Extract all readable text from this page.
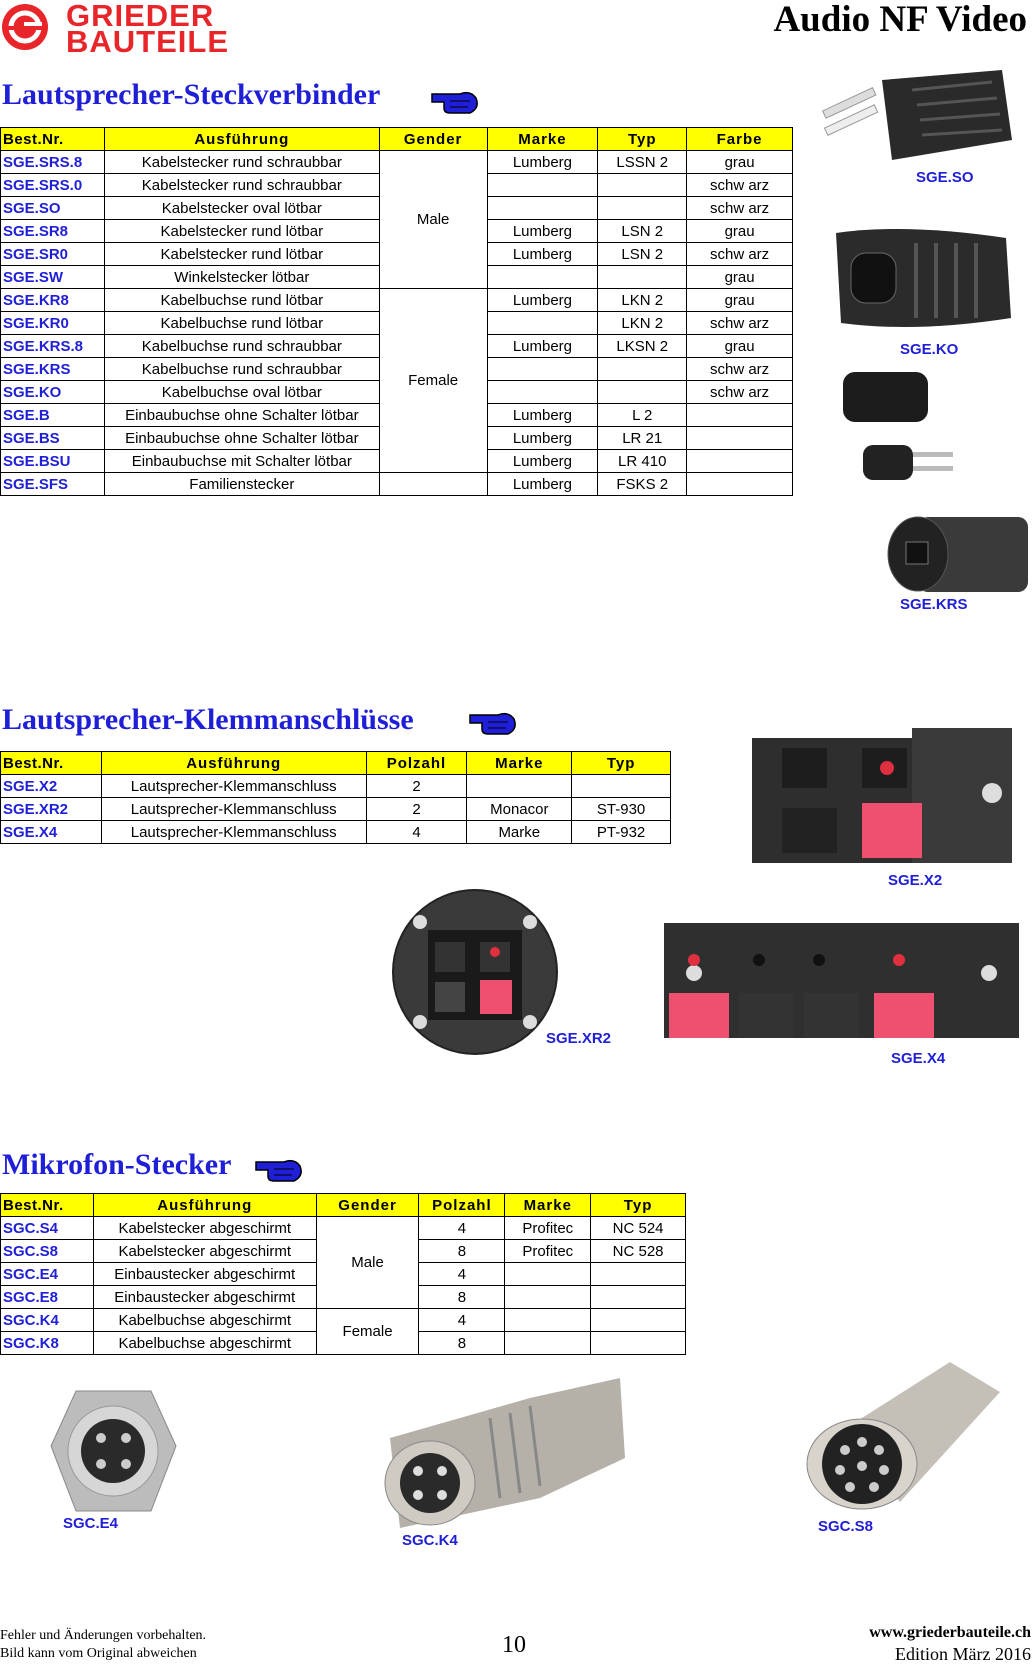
GRIEDER
BAUTEILE
Audio NF Video
Lautsprecher-Steckverbinder
Best.Nr.	Ausführung	Gender	Marke	Typ	Farbe
SGE.SRS.8	Kabelstecker rund schraubbar	Male	Lumberg	LSSN 2	grau
SGE.SRS.0	Kabelstecker rund schraubbar				schw arz
SGE.SO	Kabelstecker oval lötbar				schw arz
SGE.SR8	Kabelstecker rund lötbar		Lumberg	LSN 2	grau
SGE.SR0	Kabelstecker rund lötbar		Lumberg	LSN 2	schw arz
SGE.SW	Winkelstecker lötbar				grau
SGE.KR8	Kabelbuchse rund lötbar	Female	Lumberg	LKN 2	grau
SGE.KR0	Kabelbuchse rund lötbar			LKN 2	schw arz
SGE.KRS.8	Kabelbuchse rund schraubbar		Lumberg	LKSN 2	grau
SGE.KRS	Kabelbuchse rund schraubbar				schw arz
SGE.KO	Kabelbuchse oval lötbar				schw arz
SGE.B	Einbaubuchse ohne Schalter lötbar		Lumberg	L 2	
SGE.BS	Einbaubuchse ohne Schalter lötbar		Lumberg	LR 21	
SGE.BSU	Einbaubuchse mit Schalter lötbar		Lumberg	LR 410	
SGE.SFS	Familienstecker		Lumberg	FSKS 2	
SGE.SO
SGE.KO
SGE.KRS
Lautsprecher-Klemmanschlüsse
Best.Nr.	Ausführung	Polzahl	Marke	Typ
SGE.X2	Lautsprecher-Klemmanschluss	2		
SGE.XR2	Lautsprecher-Klemmanschluss	2	Monacor	ST-930
SGE.X4	Lautsprecher-Klemmanschluss	4	Marke	PT-932
SGE.X2
SGE.XR2
SGE.X4
Mikrofon-Stecker
Best.Nr.	Ausführung	Gender	Polzahl	Marke	Typ
SGC.S4	Kabelstecker abgeschirmt	Male	4	Profitec	NC 524
SGC.S8	Kabelstecker abgeschirmt		8	Profitec	NC 528
SGC.E4	Einbaustecker abgeschirmt		4		
SGC.E8	Einbaustecker abgeschirmt		8		
SGC.K4	Kabelbuchse abgeschirmt	Female	4		
SGC.K8	Kabelbuchse abgeschirmt		8		
SGC.E4
SGC.K4
SGC.S8
Fehler und Änderungen vorbehalten.
Bild kann vom Original abweichen	10	www.griederbauteile.ch
Edition März 2016
